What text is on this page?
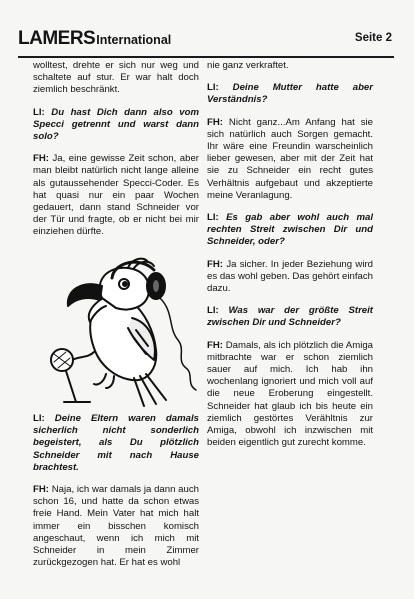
LAMERSInternational	Seite 2

wolltest, drehte er sich nur weg und schaltete auf stur. Er war halt doch ziemlich beschränkt.

LI: Du hast Dich dann also vom Specci getrennt und warst dann solo?

FH: Ja, eine gewisse Zeit schon, aber man bleibt natürlich nicht lange alleine als gutaussehender Specci-Coder. Es hat quasi nur ein paar Wochen gedauert, dann stand Schneider vor der Tür und fragte, ob er nicht bei mir einziehen dürfte.

LI: Deine Eltern waren damals sicherlich nicht sonderlich begeistert, als Du plötzlich Schneider mit nach Hause brachtest.

FH: Naja, ich war damals ja dann auch schon 16, und hatte da schon etwas freie Hand. Mein Vater hat mich halt immer ein bisschen komisch angeschaut, wenn ich mich mit Schneider in mein Zimmer zurückgezogen hat. Er hat es wohl

nie ganz verkraftet.

LI: Deine Mutter hatte aber Verständnis?

FH: Nicht ganz...Am Anfang hat sie sich natürlich auch Sorgen gemacht. Ihr wäre eine Freundin warscheinlich lieber gewesen, aber mit der Zeit hat sie zu Schneider ein recht gutes Verhältnis aufgebaut und akzeptierte meine Veranlagung.

LI: Es gab aber wohl auch mal rechten Streit zwischen Dir und Schneider, oder?

FH: Ja sicher. In jeder Beziehung wird es das wohl geben. Das gehört einfach dazu.

LI: Was war der größte Streit zwischen Dir und Schneider?

FH: Damals, als ich plötzlich die Amiga mitbrachte war er schon ziemlich sauer auf mich. Ich hab ihn wochenlang ignoriert und mich voll auf die neue Eroberung eingestellt. Schneider hat glaub ich bis heute ein ziemlich gestörtes Verähltnis zur Amiga, obwohl ich inzwischen mit beiden eigentlich gut zurecht komme.
